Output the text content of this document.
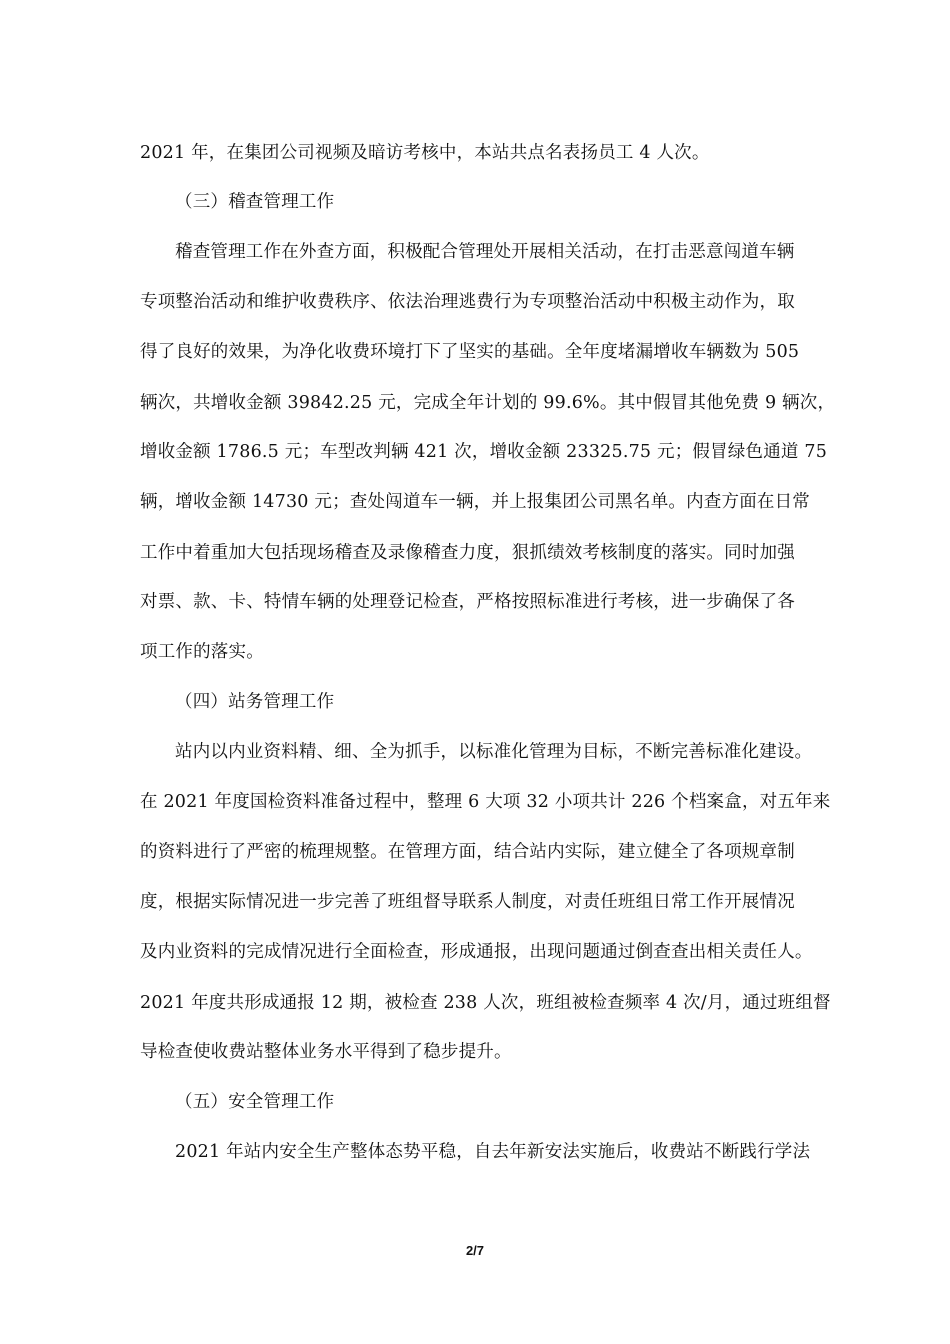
2021 年，在集团公司视频及暗访考核中，本站共点名表扬员工 4 人次。
（三）稽查管理工作
稽查管理工作在外查方面，积极配合管理处开展相关活动，在打击恶意闯道车辆
专项整治活动和维护收费秩序、依法治理逃费行为专项整治活动中积极主动作为，取
得了良好的效果，为净化收费环境打下了坚实的基础。全年度堵漏增收车辆数为 505
辆次，共增收金额 39842.25 元，完成全年计划的 99.6%。其中假冒其他免费 9 辆次，
增收金额 1786.5 元；车型改判辆 421 次，增收金额 23325.75 元；假冒绿色通道 75
辆，增收金额 14730 元；查处闯道车一辆，并上报集团公司黑名单。内查方面在日常
工作中着重加大包括现场稽查及录像稽查力度，狠抓绩效考核制度的落实。同时加强
对票、款、卡、特情车辆的处理登记检查，严格按照标准进行考核，进一步确保了各
项工作的落实。
（四）站务管理工作
站内以内业资料精、细、全为抓手，以标准化管理为目标，不断完善标准化建设。
在 2021 年度国检资料准备过程中，整理 6 大项 32 小项共计 226 个档案盒，对五年来
的资料进行了严密的梳理规整。在管理方面，结合站内实际，建立健全了各项规章制
度，根据实际情况进一步完善了班组督导联系人制度，对责任班组日常工作开展情况
及内业资料的完成情况进行全面检查，形成通报，出现问题通过倒查查出相关责任人。
2021 年度共形成通报 12 期，被检查 238 人次，班组被检查频率 4 次/月，通过班组督
导检查使收费站整体业务水平得到了稳步提升。
（五）安全管理工作
2021 年站内安全生产整体态势平稳，自去年新安法实施后，收费站不断践行学法
2/7
